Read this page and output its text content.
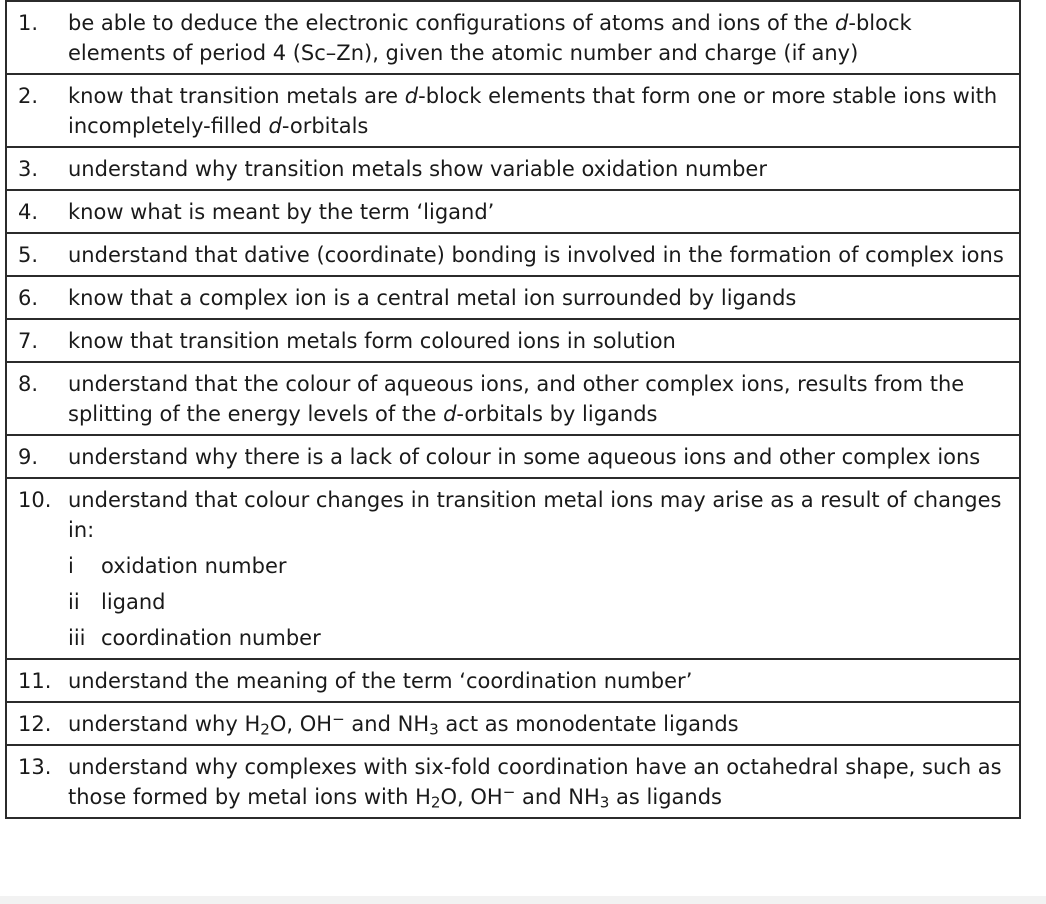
1.	be able to deduce the electronic configurations of atoms and ions of the d-block elements of period 4 (Sc–Zn), given the atomic number and charge (if any)

2.	know that transition metals are d-block elements that form one or more stable ions with incompletely-filled d-orbitals

3.	understand why transition metals show variable oxidation number

4.	know what is meant by the term ‘ligand’

5.	understand that dative (coordinate) bonding is involved in the formation of complex ions

6.	know that a complex ion is a central metal ion surrounded by ligands

7.	know that transition metals form coloured ions in solution

8.	understand that the colour of aqueous ions, and other complex ions, results from the splitting of the energy levels of the d-orbitals by ligands

9.	understand why there is a lack of colour in some aqueous ions and other complex ions

10. understand that colour changes in transition metal ions may arise as a result of changes in:
i	oxidation number
ii	ligand
iii coordination number

11. understand the meaning of the term ‘coordination number’

12. understand why $H_2O$, OH− and $NH_3$ act as monodentate ligands

13. understand why complexes with six-fold coordination have an octahedral shape, such as those formed by metal ions with $H_2O$, OH− and $NH_3$ as ligands
